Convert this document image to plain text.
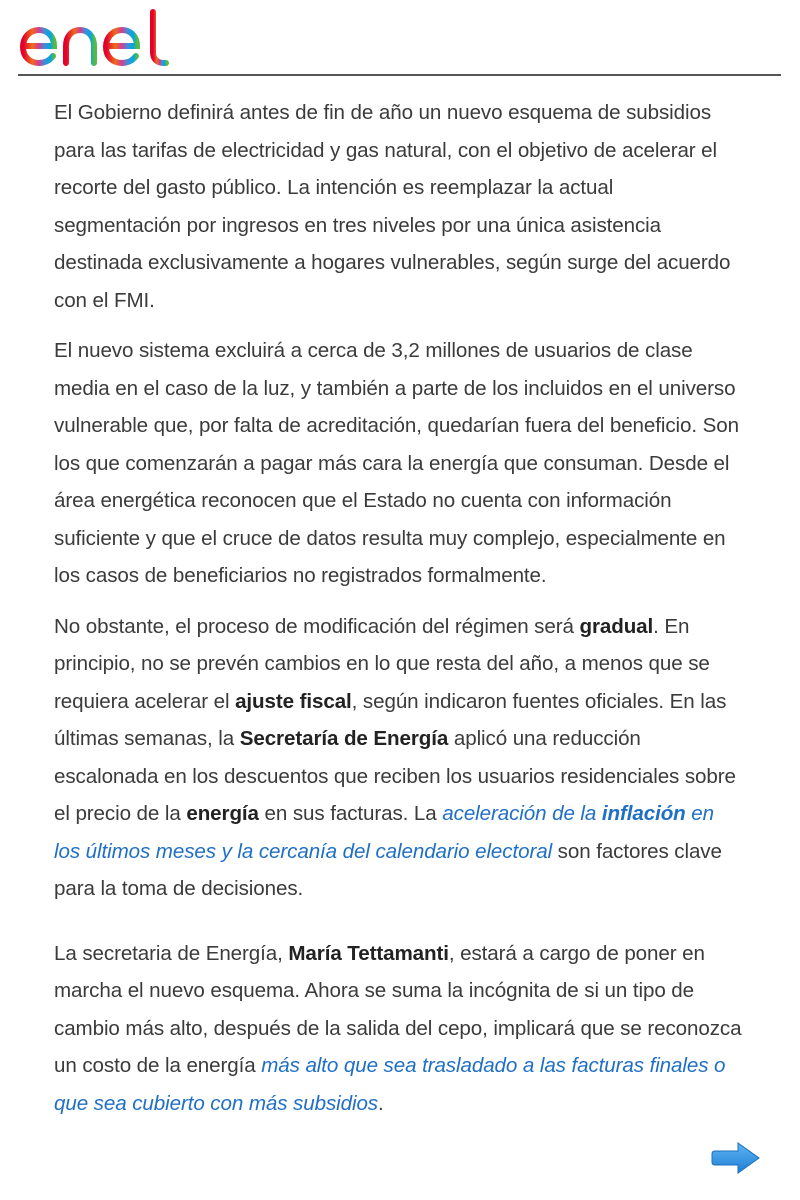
El Gobierno definirá antes de fin de año un nuevo esquema de subsidios para las tarifas de electricidad y gas natural, con el objetivo de acelerar el recorte del gasto público. La intención es reemplazar la actual segmentación por ingresos en tres niveles por una única asistencia destinada exclusivamente a hogares vulnerables, según surge del acuerdo con el FMI.

El nuevo sistema excluirá a cerca de 3,2 millones de usuarios de clase media en el caso de la luz, y también a parte de los incluidos en el universo vulnerable que, por falta de acreditación, quedarían fuera del beneficio. Son los que comenzarán a pagar más cara la energía que consuman. Desde el área energética reconocen que el Estado no cuenta con información suficiente y que el cruce de datos resulta muy complejo, especialmente en los casos de beneficiarios no registrados formalmente.

No obstante, el proceso de modificación del régimen será gradual. En principio, no se prevén cambios en lo que resta del año, a menos que se requiera acelerar el ajuste fiscal, según indicaron fuentes oficiales. En las últimas semanas, la Secretaría de Energía aplicó una reducción escalonada en los descuentos que reciben los usuarios residenciales sobre el precio de la energía en sus facturas. La aceleración de la inflación en los últimos meses y la cercanía del calendario electoral son factores clave para la toma de decisiones.

La secretaria de Energía, María Tettamanti, estará a cargo de poner en marcha el nuevo esquema. Ahora se suma la incógnita de si un tipo de cambio más alto, después de la salida del cepo, implicará que se reconozca un costo de la energía más alto que sea trasladado a las facturas finales o que sea cubierto con más subsidios.
